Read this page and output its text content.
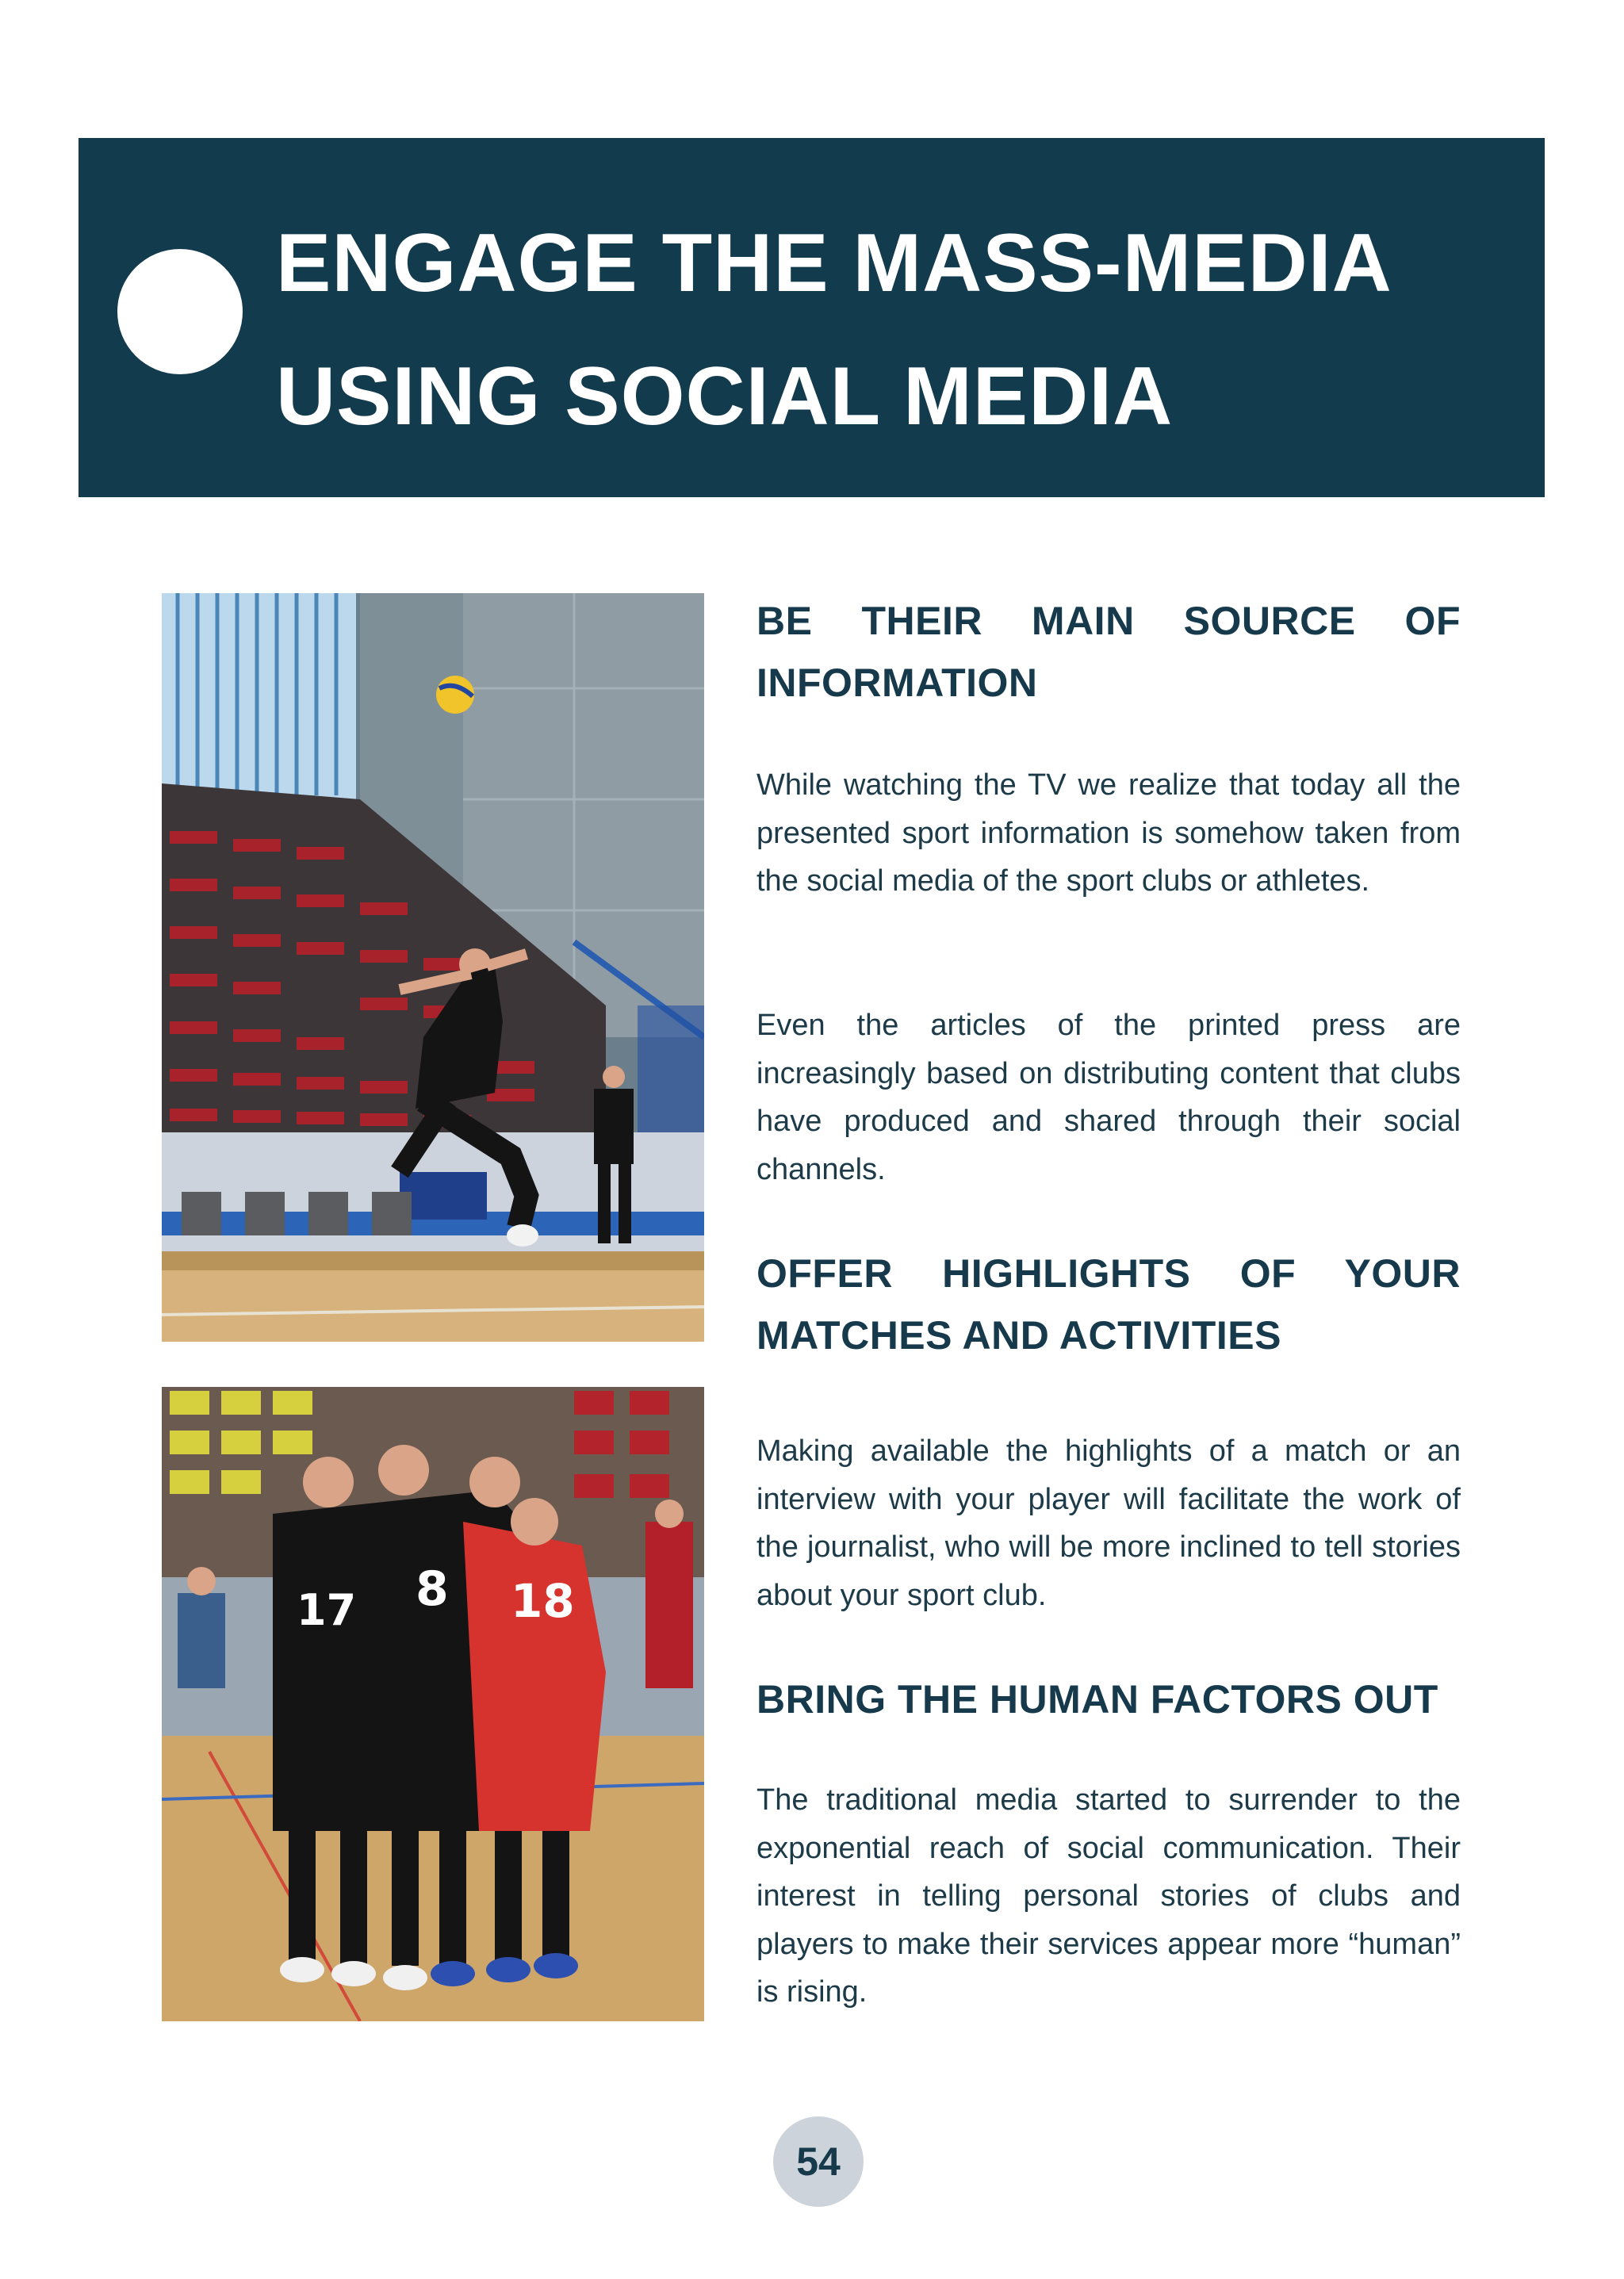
ENGAGE THE MASS-MEDIA
USING SOCIAL MEDIA
17 8 18
BE THEIR MAIN SOURCE OF INFORMATION

While watching the TV we realize that today all the presented sport information is somehow taken from the social media of the sport clubs or athletes.

Even the articles of the printed press are increasingly based on distributing content that clubs have produced and shared through their social channels.

OFFER HIGHLIGHTS OF YOUR MATCHES AND ACTIVITIES

Making available the highlights of a match or an interview with your player will facilitate the work of the journalist, who will be more inclined to tell stories about your sport club.

BRING THE HUMAN FACTORS OUT

The traditional media started to surrender to the exponential reach of social communication. Their interest in telling personal stories of clubs and players to make their services appear more “human” is rising.

54
